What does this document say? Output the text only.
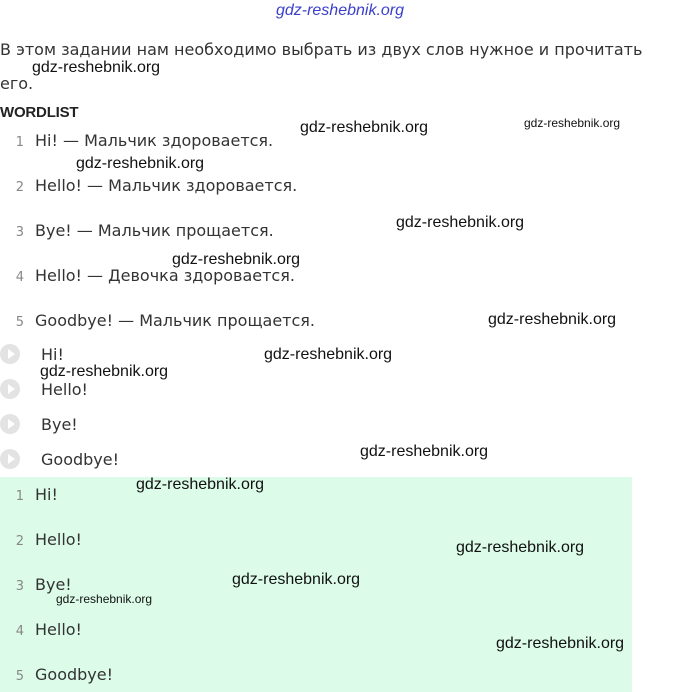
gdz-reshebnik.org
В этом задании нам необходимо выбрать из двух слов нужное и прочитать его.
WORDLIST
1 Hi! — Мальчик здоровается.
2 Hello! — Мальчик здоровается.
3 Bye! — Мальчик прощается.
4 Hello! — Девочка здоровается.
5 Goodbye! — Мальчик прощается.
Hi!
Hello!
Bye!
Goodbye!
1 Hi!
2 Hello!
3 Bye!
4 Hello!
5 Goodbye!
gdz-reshebnik.org
gdz-reshebnik.org	gdz-reshebnik.org
gdz-reshebnik.org
gdz-reshebnik.org
gdz-reshebnik.org
gdz-reshebnik.org
gdz-reshebnik.org
gdz-reshebnik.org
gdz-reshebnik.org
gdz-reshebnik.org
gdz-reshebnik.org
gdz-reshebnik.org
gdz-reshebnik.org
gdz-reshebnik.org
